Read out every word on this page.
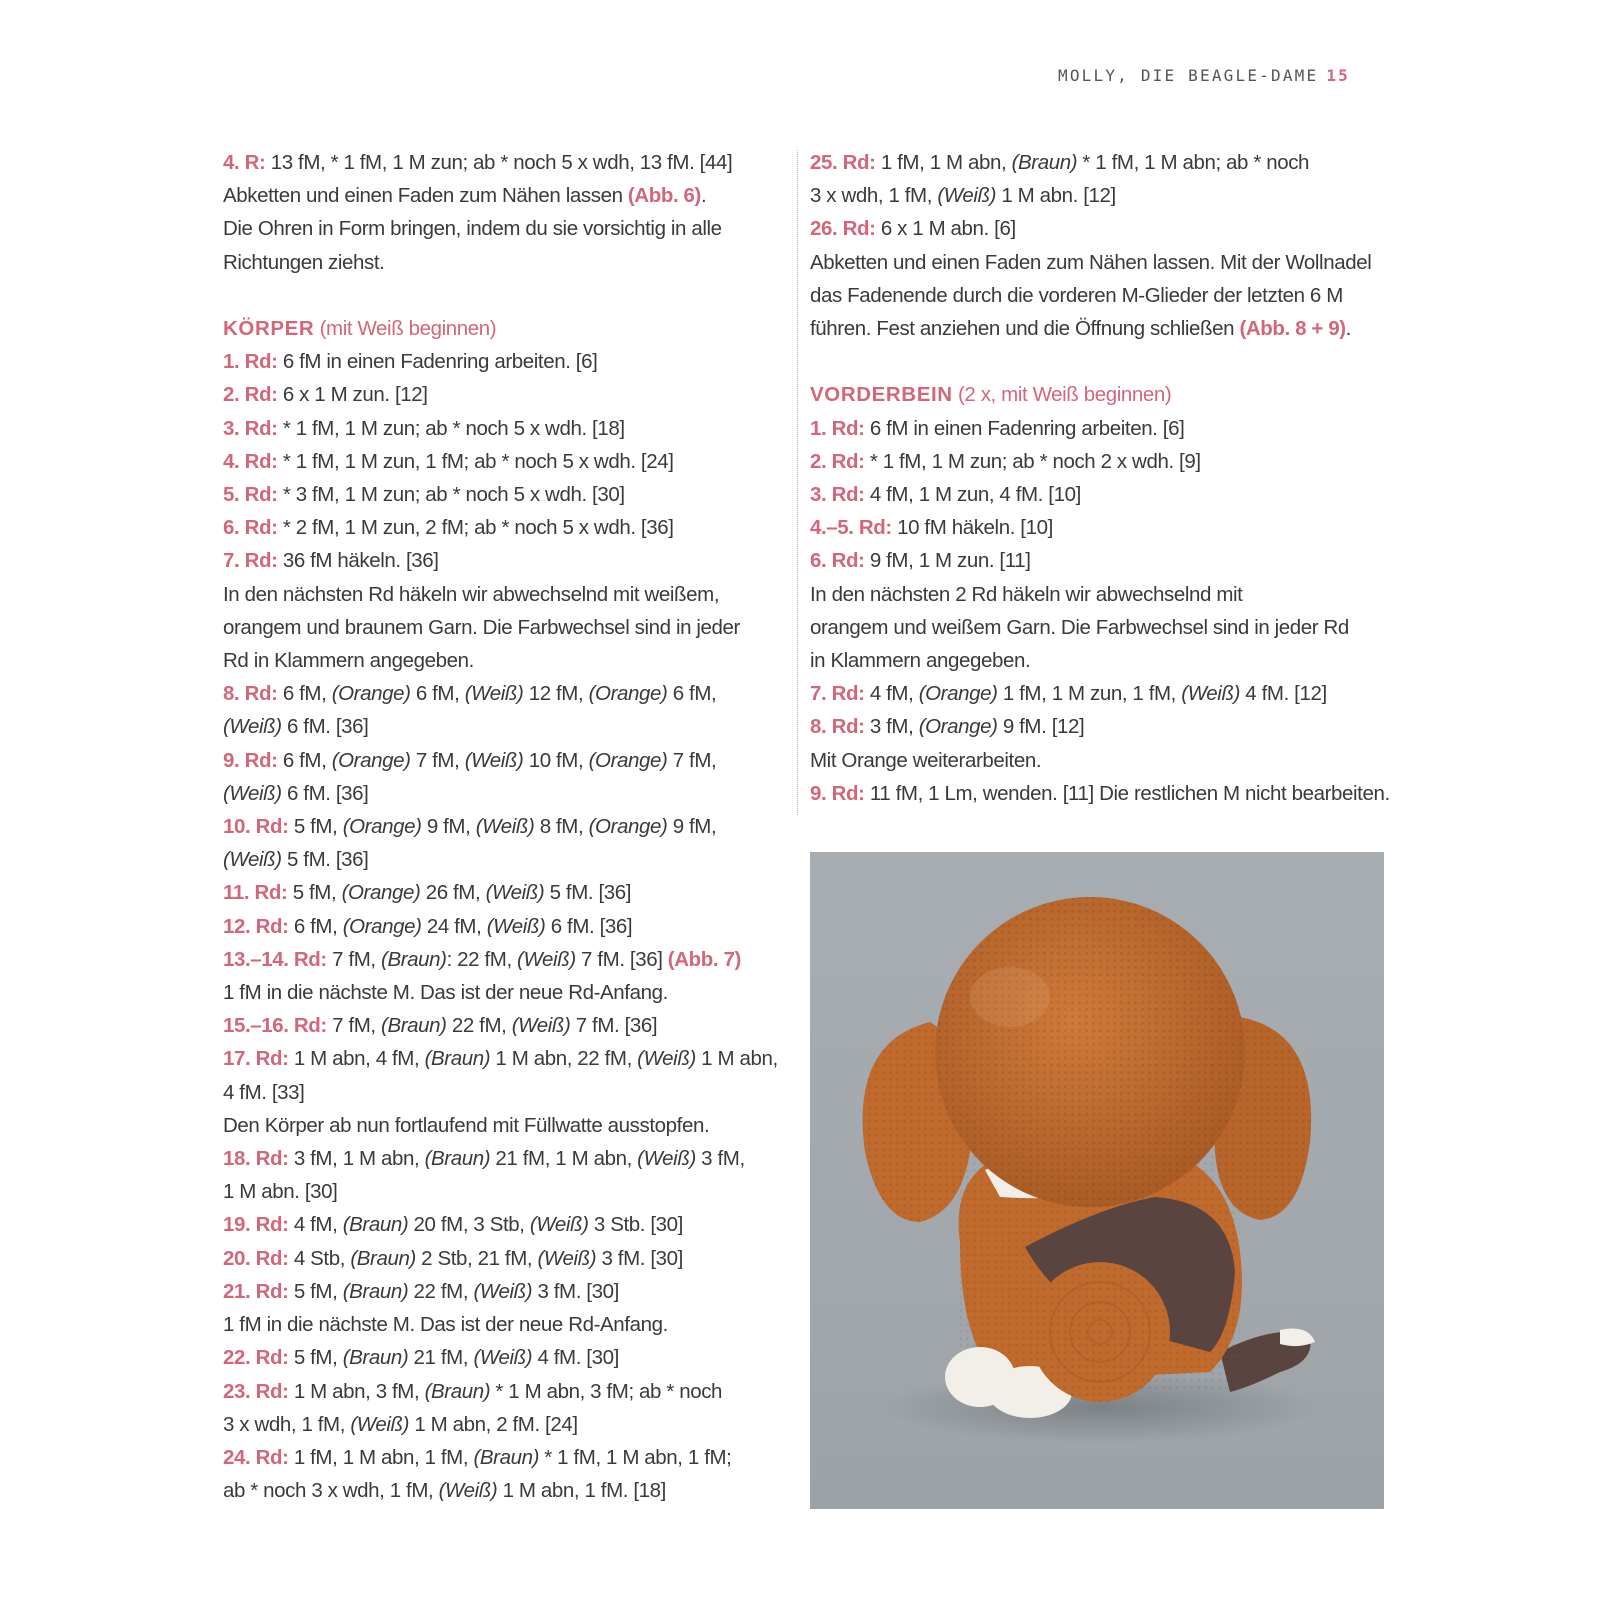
MOLLY, DIE BEAGLE-DAME 15
4. R: 13 fM, * 1 fM, 1 M zun; ab * noch 5 x wdh, 13 fM. [44]
Abketten und einen Faden zum Nähen lassen (Abb. 6).
Die Ohren in Form bringen, indem du sie vorsichtig in alle
Richtungen ziehst.
KÖRPER (mit Weiß beginnen)
1. Rd: 6 fM in einen Fadenring arbeiten. [6]
2. Rd: 6 x 1 M zun. [12]
3. Rd: * 1 fM, 1 M zun; ab * noch 5 x wdh. [18]
4. Rd: * 1 fM, 1 M zun, 1 fM; ab * noch 5 x wdh. [24]
5. Rd: * 3 fM, 1 M zun; ab * noch 5 x wdh. [30]
6. Rd: * 2 fM, 1 M zun, 2 fM; ab * noch 5 x wdh. [36]
7. Rd: 36 fM häkeln. [36]
In den nächsten Rd häkeln wir abwechselnd mit weißem,
orangem und braunem Garn. Die Farbwechsel sind in jeder
Rd in Klammern angegeben.
8. Rd: 6 fM, (Orange) 6 fM, (Weiß) 12 fM, (Orange) 6 fM,
(Weiß) 6 fM. [36]
9. Rd: 6 fM, (Orange) 7 fM, (Weiß) 10 fM, (Orange) 7 fM,
(Weiß) 6 fM. [36]
10. Rd: 5 fM, (Orange) 9 fM, (Weiß) 8 fM, (Orange) 9 fM,
(Weiß) 5 fM. [36]
11. Rd: 5 fM, (Orange) 26 fM, (Weiß) 5 fM. [36]
12. Rd: 6 fM, (Orange) 24 fM, (Weiß) 6 fM. [36]
13.–14. Rd: 7 fM, (Braun): 22 fM, (Weiß) 7 fM. [36] (Abb. 7)
1 fM in die nächste M. Das ist der neue Rd-Anfang.
15.–16. Rd: 7 fM, (Braun) 22 fM, (Weiß) 7 fM. [36]
17. Rd: 1 M abn, 4 fM, (Braun) 1 M abn, 22 fM, (Weiß) 1 M abn,
4 fM. [33]
Den Körper ab nun fortlaufend mit Füllwatte ausstopfen.
18. Rd: 3 fM, 1 M abn, (Braun) 21 fM, 1 M abn, (Weiß) 3 fM,
1 M abn. [30]
19. Rd: 4 fM, (Braun) 20 fM, 3 Stb, (Weiß) 3 Stb. [30]
20. Rd: 4 Stb, (Braun) 2 Stb, 21 fM, (Weiß) 3 fM. [30]
21. Rd: 5 fM, (Braun) 22 fM, (Weiß) 3 fM. [30]
1 fM in die nächste M. Das ist der neue Rd-Anfang.
22. Rd: 5 fM, (Braun) 21 fM, (Weiß) 4 fM. [30]
23. Rd: 1 M abn, 3 fM, (Braun) * 1 M abn, 3 fM; ab * noch
3 x wdh, 1 fM, (Weiß) 1 M abn, 2 fM. [24]
24. Rd: 1 fM, 1 M abn, 1 fM, (Braun) * 1 fM, 1 M abn, 1 fM;
ab * noch 3 x wdh, 1 fM, (Weiß) 1 M abn, 1 fM. [18]
25. Rd: 1 fM, 1 M abn, (Braun) * 1 fM, 1 M abn; ab * noch
3 x wdh, 1 fM, (Weiß) 1 M abn. [12]
26. Rd: 6 x 1 M abn. [6]
Abketten und einen Faden zum Nähen lassen. Mit der Wollnadel
das Fadenende durch die vorderen M-Glieder der letzten 6 M
führen. Fest anziehen und die Öffnung schließen (Abb. 8 + 9).
VORDERBEIN (2 x, mit Weiß beginnen)
1. Rd: 6 fM in einen Fadenring arbeiten. [6]
2. Rd: * 1 fM, 1 M zun; ab * noch 2 x wdh. [9]
3. Rd: 4 fM, 1 M zun, 4 fM. [10]
4.–5. Rd: 10 fM häkeln. [10]
6. Rd: 9 fM, 1 M zun. [11]
In den nächsten 2 Rd häkeln wir abwechselnd mit
orangem und weißem Garn. Die Farbwechsel sind in jeder Rd
in Klammern angegeben.
7. Rd: 4 fM, (Orange) 1 fM, 1 M zun, 1 fM, (Weiß) 4 fM. [12]
8. Rd: 3 fM, (Orange) 9 fM. [12]
Mit Orange weiterarbeiten.
9. Rd: 11 fM, 1 Lm, wenden. [11] Die restlichen M nicht bearbeiten.
